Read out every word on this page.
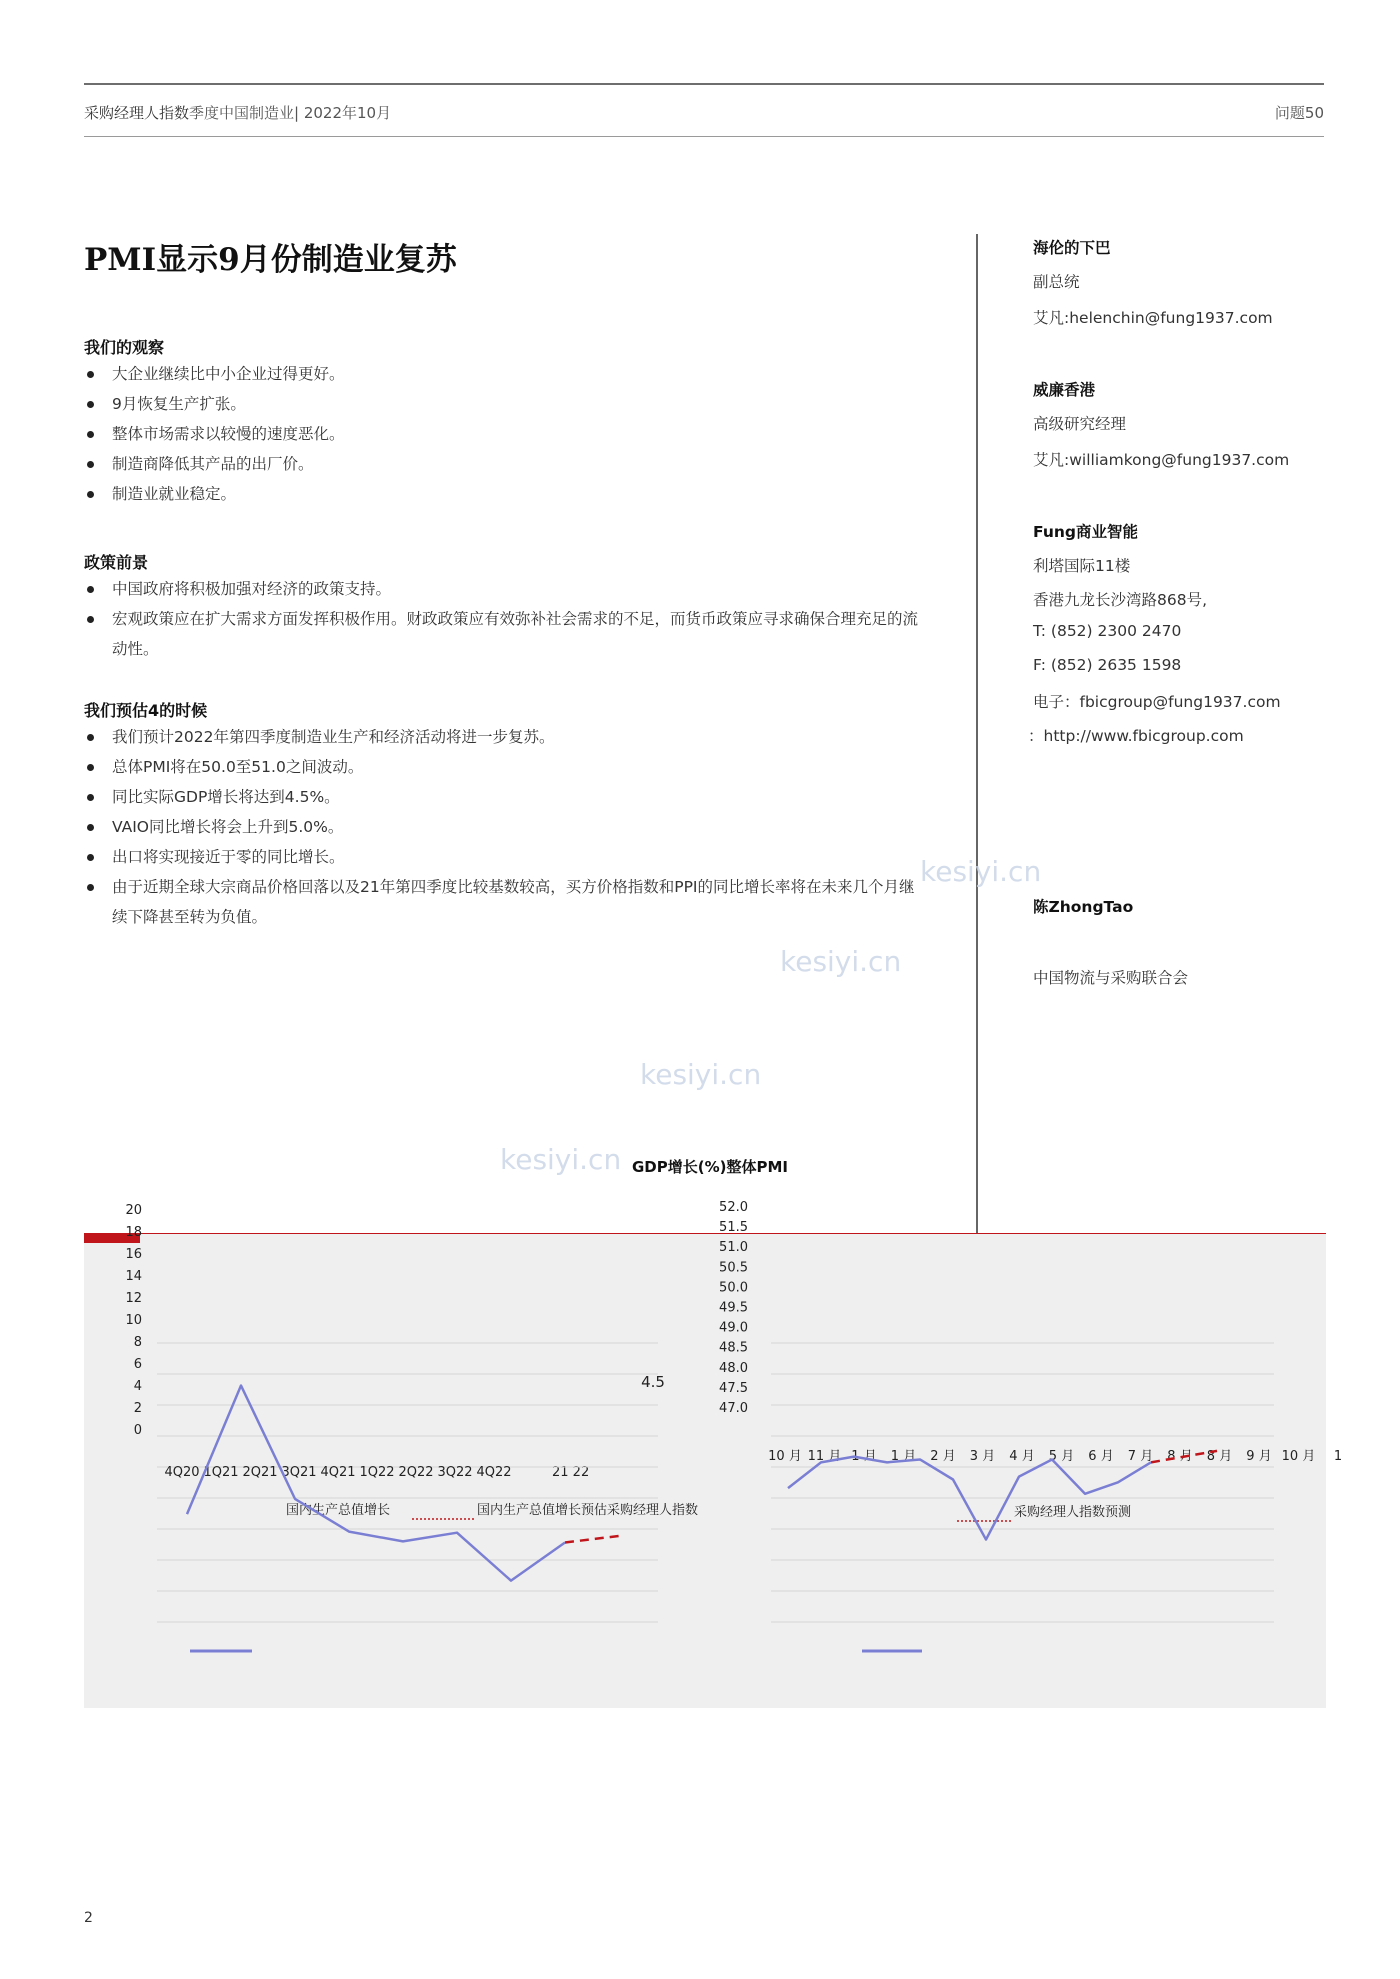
采购经理人指数季度中国制造业| 2022年10月	问题50
PMI显示9月份制造业复苏
我们的观察
大企业继续比中小企业过得更好。
9月恢复生产扩张。
整体市场需求以较慢的速度恶化。
制造商降低其产品的出厂价。
制造业就业稳定。
政策前景
中国政府将积极加强对经济的政策支持。
宏观政策应在扩大需求方面发挥积极作用。财政政策应有效弥补社会需求的不足，而货币政策应寻求确保合理充足的流动性。
我们预估4的时候
我们预计2022年第四季度制造业生产和经济活动将进一步复苏。
总体PMI将在50.0至51.0之间波动。
同比实际GDP增长将达到4.5%。
VAIO同比增长将会上升到5.0%。
出口将实现接近于零的同比增长。
由于近期全球大宗商品价格回落以及21年第四季度比较基数较高，买方价格指数和PPI的同比增长率将在未来几个月继续下降甚至转为负值。
海伦的下巴
副总统
艾凡:helenchin@fung1937.com
威廉香港
高级研究经理
艾凡:williamkong@fung1937.com
Fung商业智能
利塔国际11楼
香港九龙长沙湾路868号,
T: (852) 2300 2470
F: (852) 2635 1598
电子：fbicgroup@fung1937.com
：http://www.fbicgroup.com
陈ZhongTao
中国物流与采购联合会
kesiyi.cn
kesiyi.cn
kesiyi.cn
kesiyi.cn GDP增长(%)整体PMI
4.5
21 22
国内生产总值增长	国内生产总值增长预估采购经理人指数	采购经理人指数预测
0
2
4
6
8
10
12
14
16
18
20
4Q20 1Q21 2Q21 3Q21 4Q21 1Q22 2Q22 3Q22 4Q22
47.0
47.5
48.0
48.5
49.0
49.5
50.0
50.5
51.0
51.5
52.0
10 月 11 月 1 月 1 月 2 月 3 月 4 月 5 月 6 月 7 月 8 月 8 月 9 月 10 月 1
2
